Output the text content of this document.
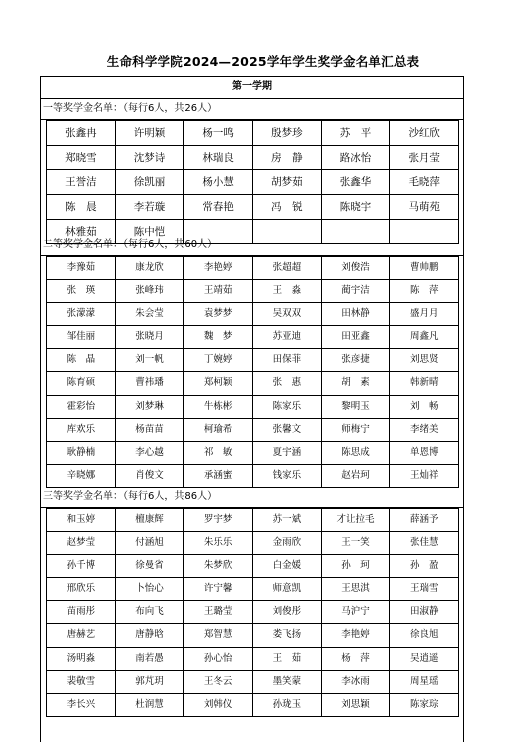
生命科学学院2024—2025学年学生奖学金名单汇总表
第一学期
一等奖学金名单：（每行6人，共26人）
张鑫冉	许明颖	杨一鸣	殷梦珍	苏　平	沙红欣
郑晓雪	沈梦诗	林瑞良	房　静	路冰怡	张月莹
王誉洁	徐凯丽	杨小慧	胡梦茹	张鑫华	毛晓萍
陈　晨	李若璇	常春艳	冯　锐	陈晓宇	马萌苑
林雅茹	陈中恺
二等奖学金名单：（每行6人，共60人）
李豫茹	康龙欣	李艳婷	张超超	刘俊浩	曹帅鹏
张　瑛	张峰玮	王靖茹	王　淼	蔺宇洁	陈　萍
张濛濛	朱会莹	袁梦梦	吴双双	田林静	盛月月
邹佳丽	张晓月	魏　梦	苏亚迪	田亚鑫	周鑫凡
陈　晶	刘一帆	丁婉婷	田保菲	张彦捷	刘思贤
陈育硕	曹祎璠	郑柯颖	张　惠	胡　素	韩新晴
霍彩怡	刘梦琳	牛栋彬	陈家乐	黎明玉	刘　畅
库欢乐	杨苗苗	柯瑜希	张馨文	师梅宁	李绪美
耿静楠	李心越	祁　敏	夏宇涵	陈思成	单恩博
辛晓娜	肖俊文	承涵蜜	钱家乐	赵岩珂	王灿祥
三等奖学金名单：（每行6人，共86人）
和玉婷	檀康辉	罗宇梦	苏一斌	才让拉毛	薛涵予
赵梦莹	付涵旭	朱乐乐	金雨欣	王一笑	张佳慧
孙千博	徐曼省	朱梦欣	白金媛	孙　珂	孙　盈
邢欣乐	卜怡心	许宁馨	师意凯	王思淇	王瑞雪
苗雨彤	布向飞	王璐莹	刘俊彤	马沪宁	田淑静
唐赫艺	唐静晗	郑智慧	娄飞扬	李艳婷	徐良旭
汤明淼	南若愚	孙心怡	王　茹	杨　萍	吴逍遥
裴敬雪	郭芃玥	王冬云	墨笑蒙	李冰雨	周星瑶
李长兴	杜润慧	刘韩仪	孙珑玉	刘思颖	陈家琮
